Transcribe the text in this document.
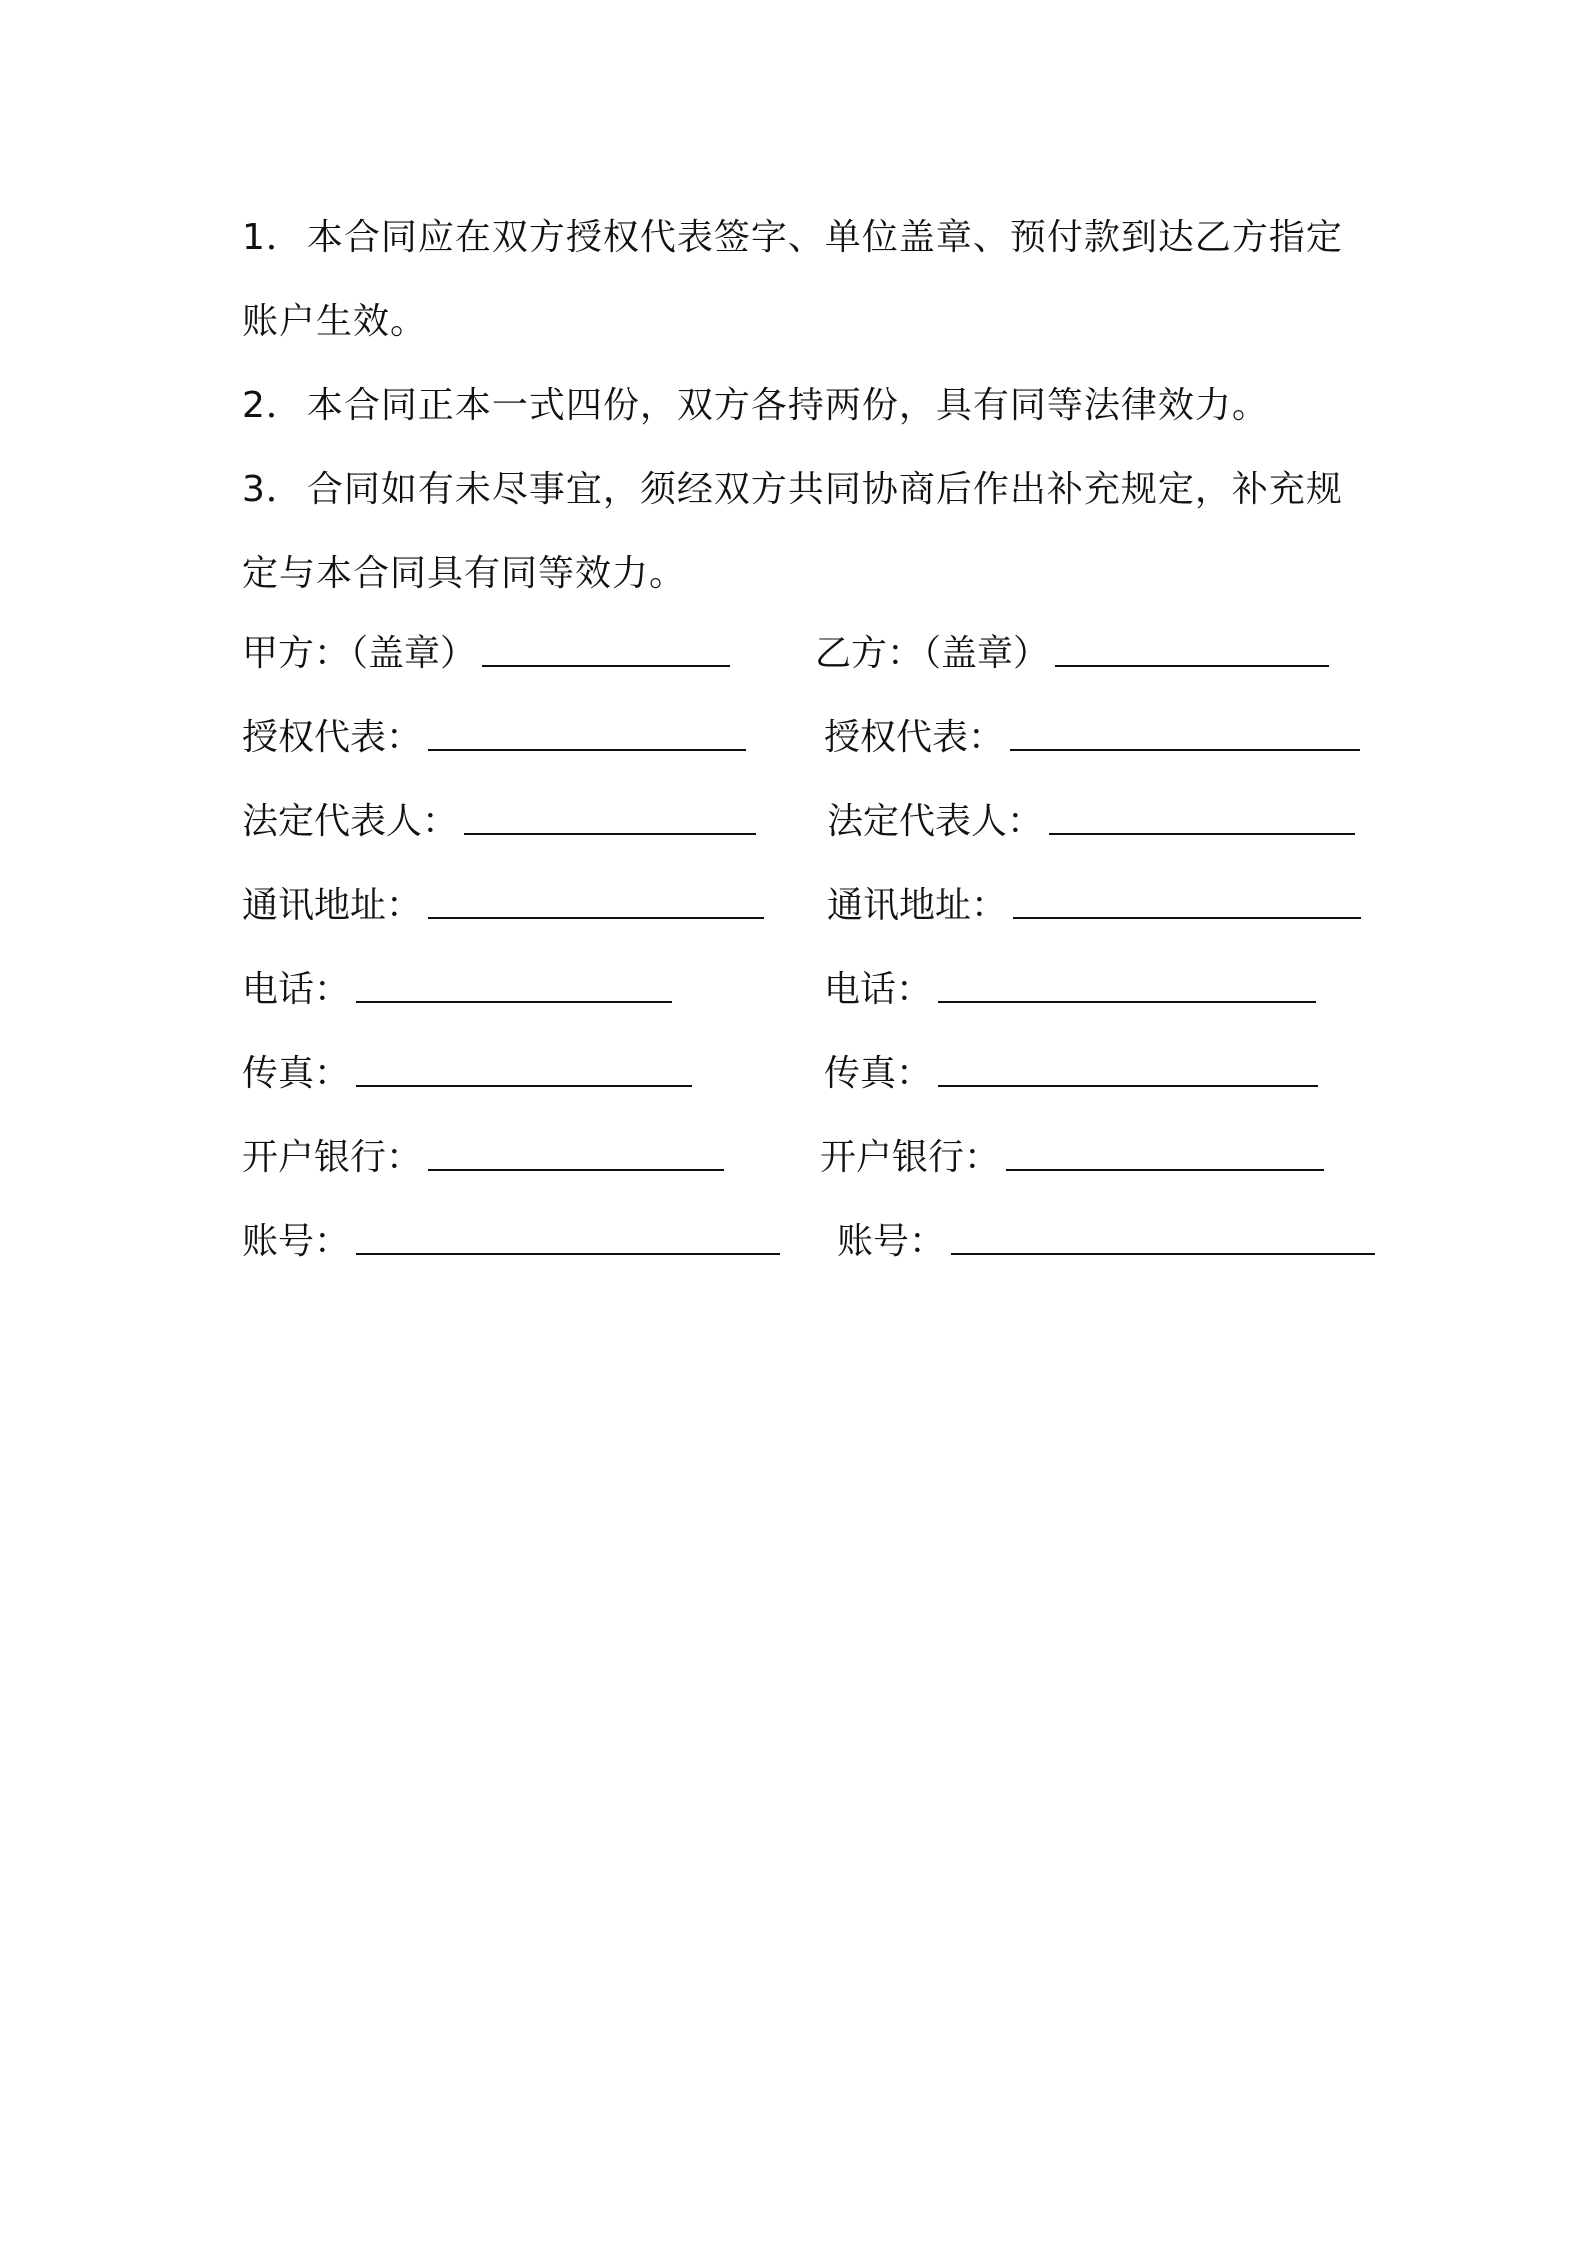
1． 本合同应在双方授权代表签字、单位盖章、预付款到达乙方指定账户生效。

2． 本合同正本一式四份，双方各持两份，具有同等法律效力。

3． 合同如有未尽事宜，须经双方共同协商后作出补充规定，补充规定与本合同具有同等效力。

甲方：（盖章）	乙方：（盖章）
授权代表：	授权代表：
法定代表人：	法定代表人：
通讯地址：	通讯地址：
电话：	电话：
传真：	传真：
开户银行：	开户银行：
账号：	账号：
